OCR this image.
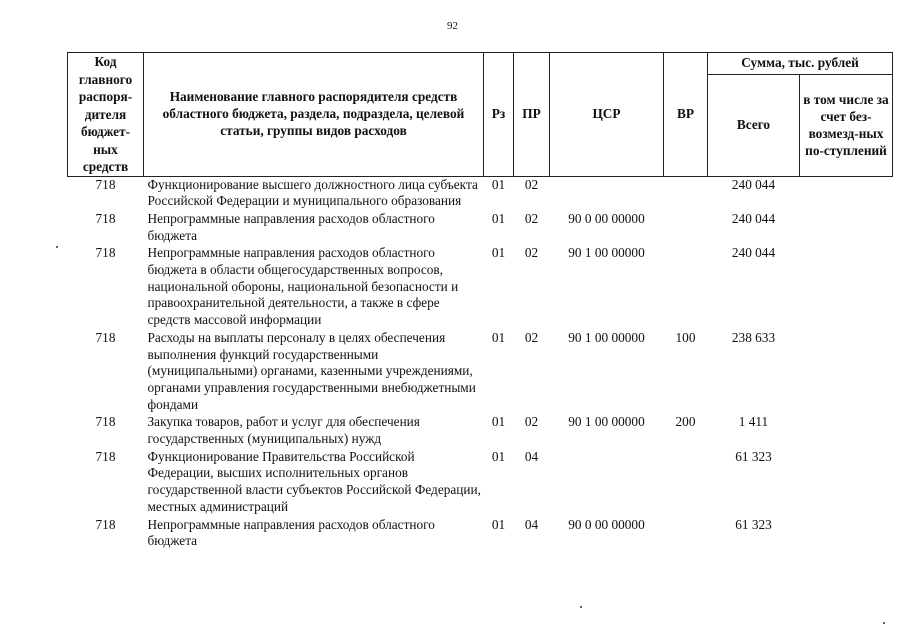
92
Код главного распоря-дителя бюджет-ных средств	Наименование главного распорядителя средств областного бюджета, раздела, подраздела, целевой статьи, группы видов расходов	Рз	ПР	ЦСР	ВР	Сумма, тыс. рублей	
						Всего	в том числе за счет без-возмезд-ных по-ступлений
718	Функционирование высшего должностного лица субъекта Российской Федерации и муниципального образования	01	02			240 044	
718	Непрограммные направления расходов областного бюджета	01	02	90 0 00 00000		240 044	
718	Непрограммные направления расходов областного бюджета в области общегосударственных вопросов, национальной обороны, национальной безопасности и правоохранительной деятельности, а также в сфере средств массовой информации	01	02	90 1 00 00000		240 044	
718	Расходы на выплаты персоналу в целях обеспечения выполнения функций государственными (муниципальными) органами, казенными учреждениями, органами управления государственными внебюджетными фондами	01	02	90 1 00 00000	100	238 633	
718	Закупка товаров, работ и услуг для обеспечения государственных (муниципальных) нужд	01	02	90 1 00 00000	200	1 411	
718	Функционирование Правительства Российской Федерации, высших исполнительных органов государственной власти субъектов Российской Федерации, местных администраций	01	04			61 323	
718	Непрограммные направления расходов областного бюджета	01	04	90 0 00 00000		61 323	
